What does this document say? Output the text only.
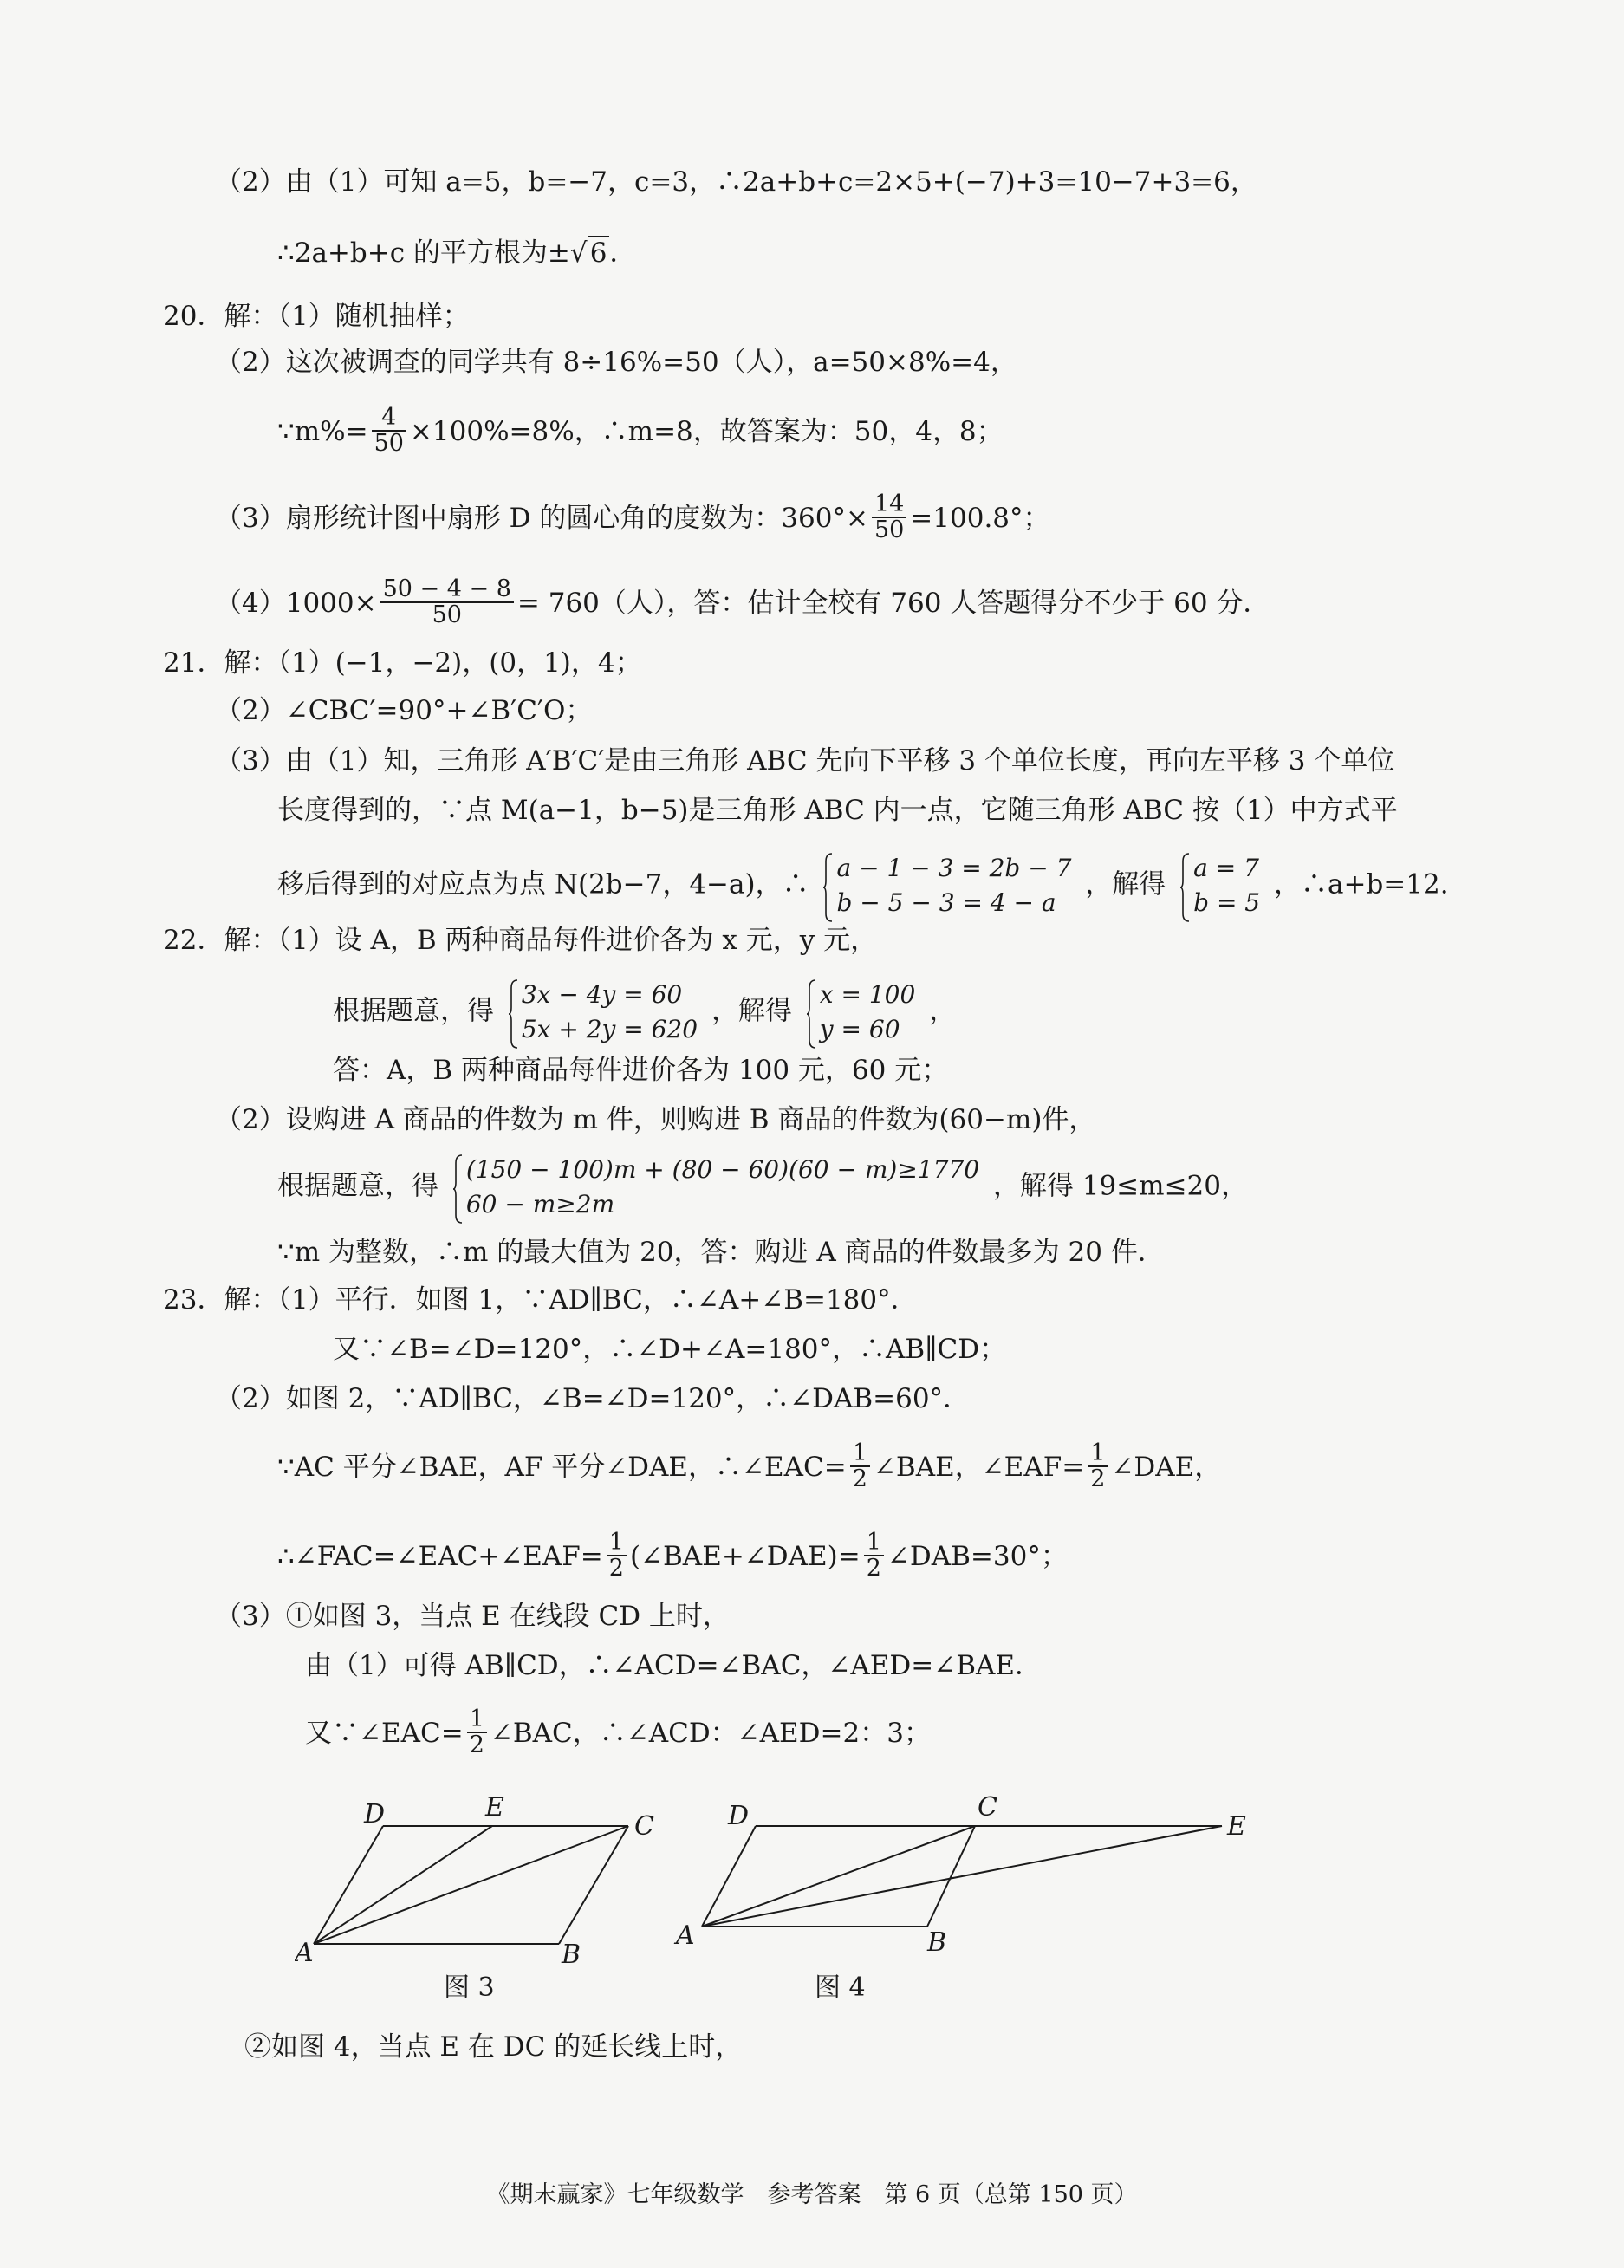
（2）由（1）可知 a=5，b=−7，c=3，∴2a+b+c=2×5+(−7)+3=10−7+3=6，
∴2a+b+c 的平方根为±√6．
20．解：（1）随机抽样；
（2）这次被调查的同学共有 8÷16%=50（人），a=50×8%=4，
∵m%= $\frac{4}{50} \times 100\%=8\%$，∴m=8，故答案为：50，4，8；
（3）扇形统计图中扇形 D 的圆心角的度数为：$360^\circ\times \frac{14}{50} =100.8^\circ$；
$(4)1000\times \frac{50 - 4 - 8}{50} = 760$（人），答：估计全校有 760 人答题得分不少于 60 分．
21．解：（1）(−1，−2)，(0，1)，4；
（2）∠CBC′=90°+∠B′C′O；
（3）由（1）知，三角形 A′B′C′是由三角形 ABC 先向下平移 3 个单位长度，再向左平移 3 个单位
长度得到的，∵点 M(a−1，b−5)是三角形 ABC 内一点，它随三角形 ABC 按（1）中方式平
移后得到的对应点为点 N(2b−7，4−a)，∴
a − 1 − 3 = 2b − 7
b − 5 − 3 = 4 − a
，解得
a = 7
b = 5
，∴a+b=12.
22．解：（1）设 A，B 两种商品每件进价各为 x 元，y 元，
根据题意，得
3x − 4y = 60
5x + 2y = 620
，解得
x = 100
y = 60
，
答：A，B 两种商品每件进价各为 100 元，60 元；
（2）设购进 A 商品的件数为 m 件，则购进 B 商品的件数为(60−m)件，
根据题意，得
(150 − 100)m + (80 − 60)(60 − m)≥1770
60 − m≥2m
，解得 19≤m≤20，
∵m 为整数，∴m 的最大值为 20，答：购进 A 商品的件数最多为 20 件．
23．解：（1）平行．如图 1，∵AD∥BC，∴∠A+∠B=180°．
又∵∠B=∠D=120°，∴∠D+∠A=180°，∴AB∥CD；
（2）如图 2，∵AD∥BC，∠B=∠D=120°，∴∠DAB=60°．
∵AC 平分∠BAE，AF 平分∠DAE，∴∠EAC= $\frac{1}{2}$ ∠BAE，∠EAF= $\frac{1}{2}$ ∠DAE，
∴∠FAC=∠EAC+∠EAF= $\frac{1}{2}$ (∠BAE+∠DAE)= $\frac{1}{2}$ ∠DAB=30°；
（3）①如图 3，当点 E 在线段 CD 上时，
由（1）可得 AB∥CD，∴∠ACD=∠BAC，∠AED=∠BAE．
又∵∠EAC= $\frac{1}{2}$ ∠BAC，∴∠ACD：∠AED=2：3；
D	E
C
A	B
图 3
D	C
E
A	B
图 4
②如图 4，当点 E 在 DC 的延长线上时，
《期末赢家》七年级数学　参考答案　第 6 页（总第 150 页）
